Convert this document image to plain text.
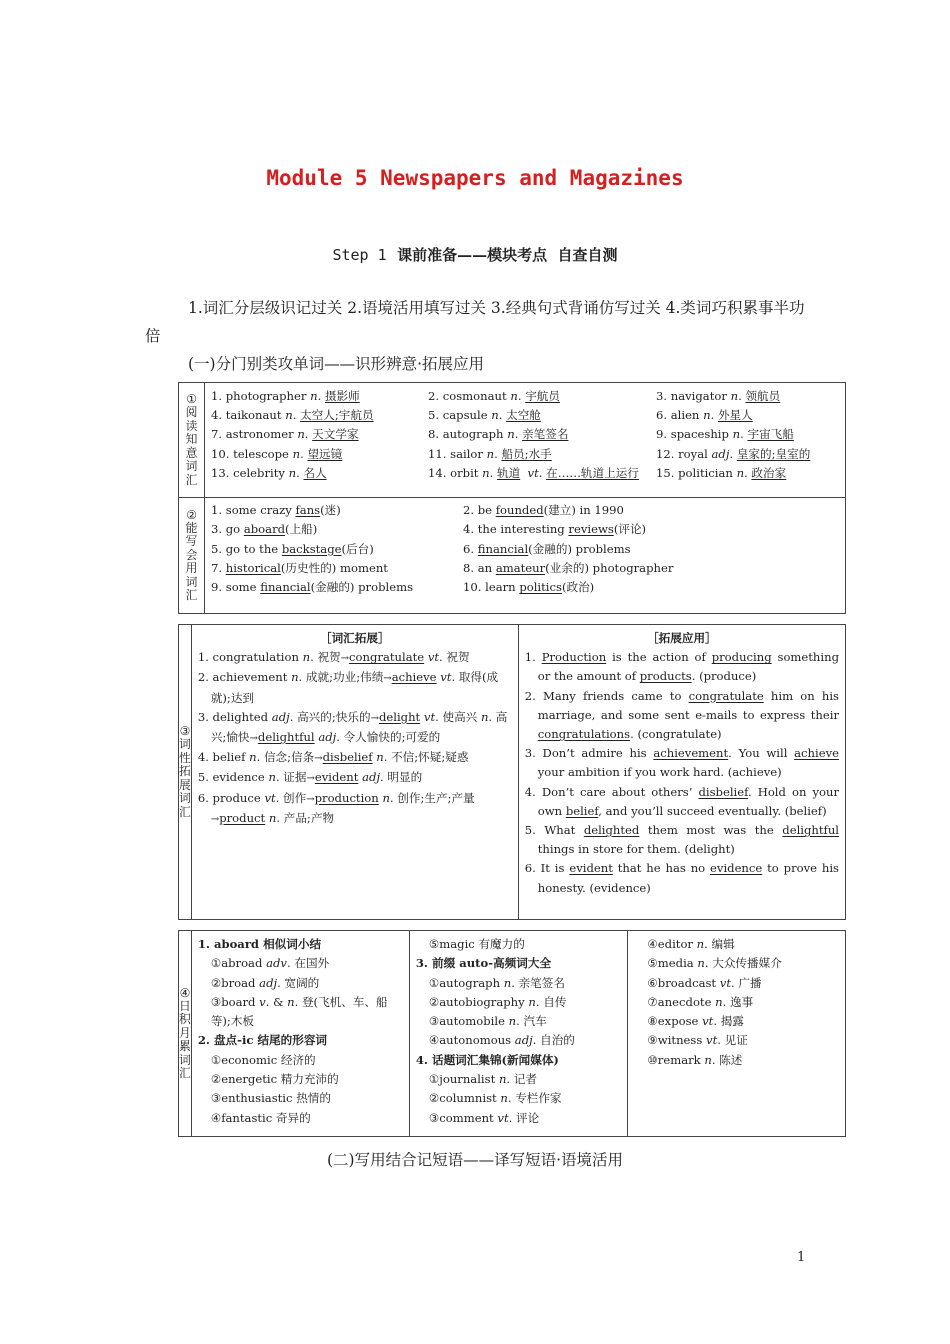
Module 5 Newspapers and Magazines
Step 1  课前准备——模块考点  自查自测
1.词汇分层级识记过关 2.语境活用填写过关 3.经典句式背诵仿写过关 4.类词巧积累事半功倍
(一)分门别类攻单词——识形辨意·拓展应用
①
阅
读
知
意
词
汇

1. photographer n. 摄影师	2. cosmonaut n. 宇航员	3. navigator n. 领航员
4. taikonaut n. 太空人;宇航员	5. capsule n. 太空舱	6. alien n. 外星人
7. astronomer n. 天文学家	8. autograph n. 亲笔签名	9. spaceship n. 宇宙飞船
10. telescope n. 望远镜	11. sailor n. 船员;水手	12. royal adj. 皇家的;皇室的
13. celebrity n. 名人	14. orbit n. 轨道 vt. 在……轨道上运行	15. politician n. 政治家
②
能
写
会
用
词
汇

1. some crazy fans(迷)	2. be founded(建立) in 1990
3. go aboard(上船)	4. the interesting reviews(评论)
5. go to the backstage(后台)	6. financial(金融的) problems
7. historical(历史性的) moment	8. an amateur(业余的) photographer
9. some financial(金融的) problems	10. learn politics(政治)
③
词
性
拓
展
词
汇

［词汇拓展］
1. congratulation n. 祝贺→congratulate vt. 祝贺
2. achievement n. 成就;功业;伟绩→achieve vt. 取得(成就);达到
3. delighted adj. 高兴的;快乐的→delight vt. 使高兴 n. 高兴;愉快→delightful adj. 令人愉快的;可爱的
4. belief n. 信念;信条→disbelief n. 不信;怀疑;疑惑
5. evidence n. 证据→evident adj. 明显的
6. produce vt. 创作→production n. 创作;生产;产量→product n. 产品;产物

［拓展应用］
1. Production is the action of producing something or the amount of products. (produce)
2. Many friends came to congratulate him on his marriage, and some sent e-mails to express their congratulations. (congratulate)
3. Don’t admire his achievement. You will achieve your ambition if you work hard. (achieve)
4. Don’t care about others’ disbelief. Hold on your own belief, and you’ll succeed eventually. (belief)
5. What delighted them most was the delightful things in store for them. (delight)
6. It is evident that he has no evidence to prove his honesty. (evidence)
④
日
积
月
累
词
汇

1. aboard 相似词小结
①abroad adv. 在国外
②broad adj. 宽阔的
③board v. & n. 登(飞机、车、船等);木板
2. 盘点-ic 结尾的形容词
①economic 经济的
②energetic 精力充沛的
③enthusiastic 热情的
④fantastic 奇异的

⑤magic 有魔力的
3. 前缀 auto-高频词大全
①autograph n. 亲笔签名
②autobiography n. 自传
③automobile n. 汽车
④autonomous adj. 自治的
4. 话题词汇集锦(新闻媒体)
①journalist n. 记者
②columnist n. 专栏作家
③comment vt. 评论

④editor n. 编辑
⑤media n. 大众传播媒介
⑥broadcast vt. 广播
⑦anecdote n. 逸事
⑧expose vt. 揭露
⑨witness vt. 见证
⑩remark n. 陈述
(二)写用结合记短语——译写短语·语境活用
1
